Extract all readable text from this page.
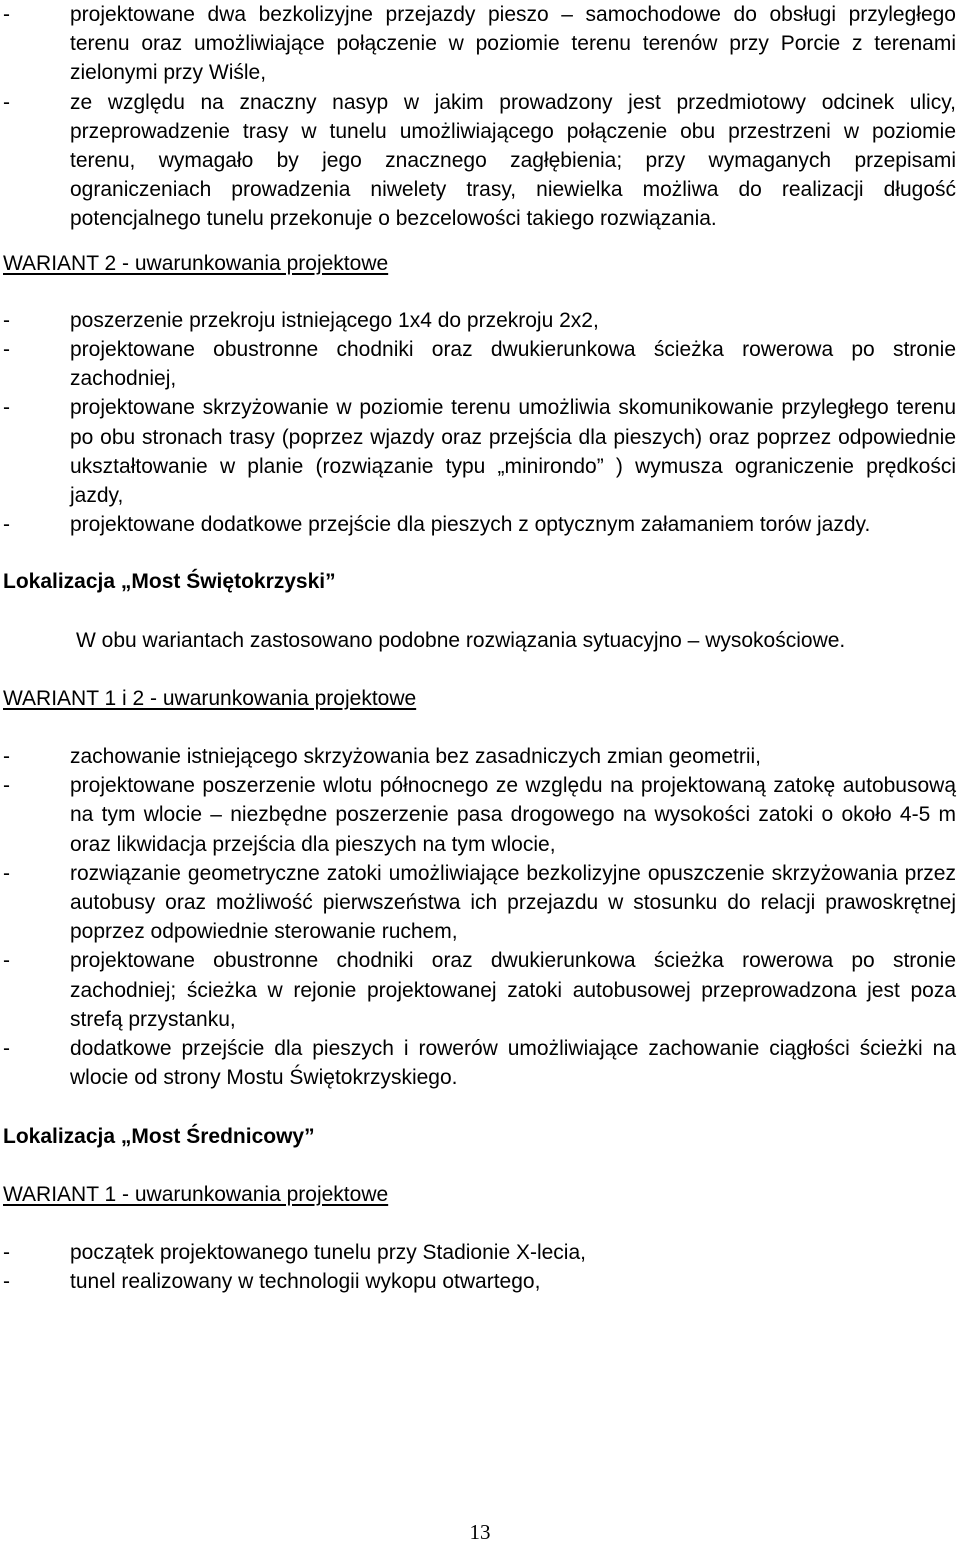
-	projektowane dwa bezkolizyjne przejazdy pieszo – samochodowe do obsługi przyległego terenu oraz umożliwiające połączenie w poziomie terenu terenów przy Porcie z terenami zielonymi przy Wiśle,

-	ze względu na znaczny nasyp w jakim prowadzony jest przedmiotowy odcinek ulicy, przeprowadzenie trasy w tunelu umożliwiającego połączenie obu przestrzeni w poziomie terenu, wymagało by jego znacznego zagłębienia; przy wymaganych przepisami ograniczeniach prowadzenia niwelety trasy, niewielka możliwa do realizacji długość potencjalnego tunelu przekonuje o bezcelowości takiego rozwiązania.

WARIANT 2 - uwarunkowania projektowe

-	poszerzenie przekroju istniejącego 1x4 do przekroju 2x2,

-	projektowane obustronne chodniki oraz dwukierunkowa ścieżka rowerowa po stronie zachodniej,

-	projektowane skrzyżowanie w poziomie terenu umożliwia skomunikowanie przyległego terenu po obu stronach trasy (poprzez wjazdy oraz przejścia dla pieszych) oraz poprzez odpowiednie ukształtowanie w planie (rozwiązanie typu „minirondo” ) wymusza ograniczenie prędkości jazdy,

-	projektowane dodatkowe przejście dla pieszych z optycznym załamaniem torów jazdy.

Lokalizacja „Most Świętokrzyski”

W obu wariantach zastosowano podobne rozwiązania sytuacyjno – wysokościowe.

WARIANT 1 i 2 - uwarunkowania projektowe

-	zachowanie istniejącego skrzyżowania bez zasadniczych zmian geometrii,

-	projektowane poszerzenie wlotu północnego ze względu na projektowaną zatokę autobusową na tym wlocie – niezbędne poszerzenie pasa drogowego na wysokości zatoki o około 4-5 m oraz likwidacja przejścia dla pieszych na tym wlocie,

-	rozwiązanie geometryczne zatoki umożliwiające bezkolizyjne opuszczenie skrzyżowania przez autobusy oraz możliwość pierwszeństwa ich przejazdu w stosunku do relacji prawoskrętnej poprzez odpowiednie sterowanie ruchem,

-	projektowane obustronne chodniki oraz dwukierunkowa ścieżka rowerowa po stronie zachodniej; ścieżka w rejonie projektowanej zatoki autobusowej przeprowadzona jest poza strefą przystanku,

-	dodatkowe przejście dla pieszych i rowerów umożliwiające zachowanie ciągłości ścieżki na wlocie od strony Mostu Świętokrzyskiego.

Lokalizacja „Most Średnicowy”

WARIANT 1 - uwarunkowania projektowe

-	początek projektowanego tunelu przy Stadionie X-lecia,

-	tunel realizowany w technologii wykopu otwartego,

13
